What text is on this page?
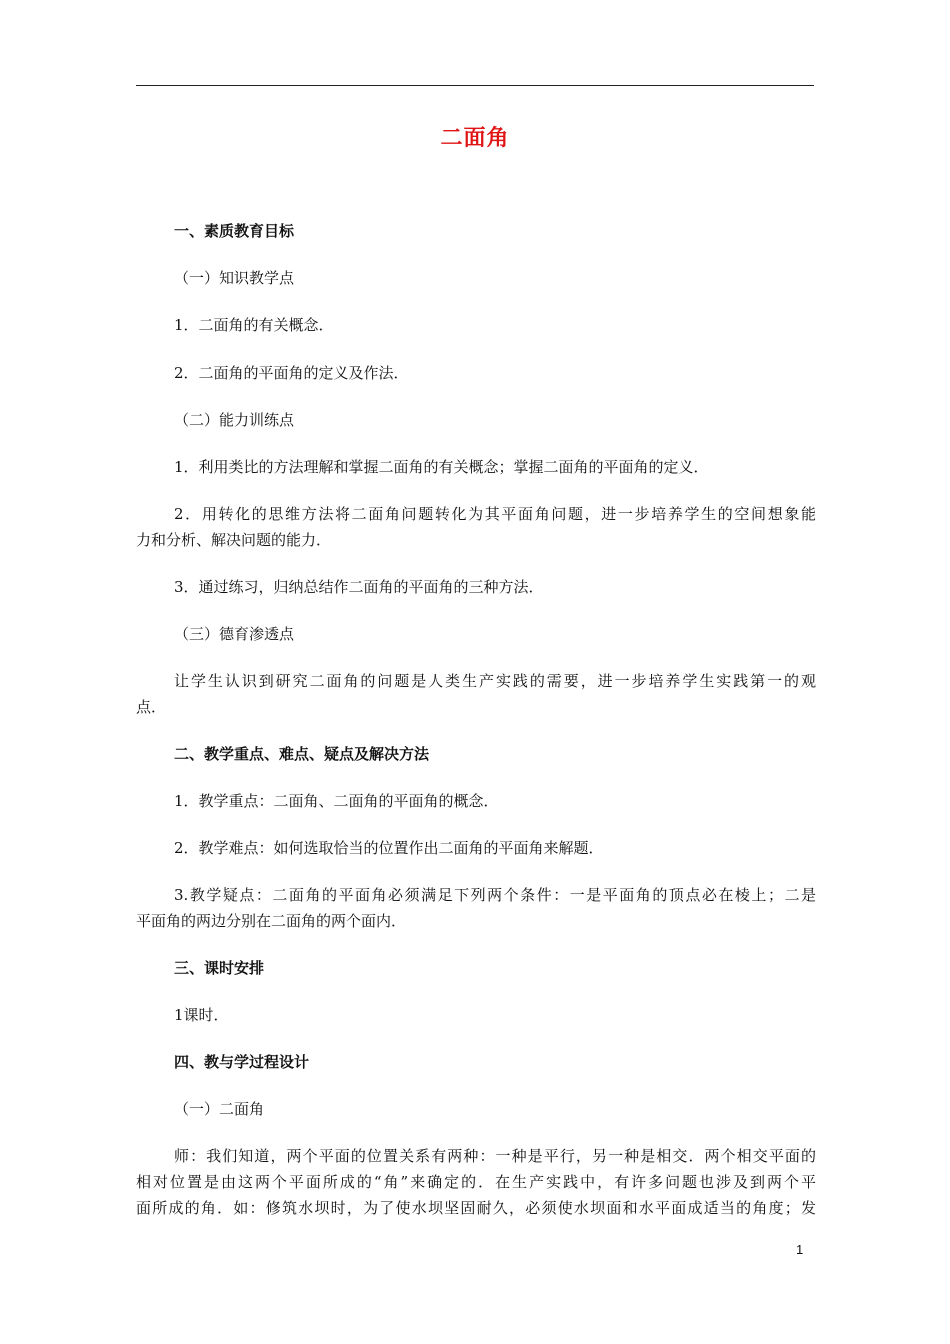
二面角
一、素质教育目标
（一）知识教学点
1．二面角的有关概念．
2．二面角的平面角的定义及作法．
（二）能力训练点
1．利用类比的方法理解和掌握二面角的有关概念；掌握二面角的平面角的定义．
2．用转化的思维方法将二面角问题转化为其平面角问题，进一步培养学生的空间想象能
力和分析、解决问题的能力．
3．通过练习，归纳总结作二面角的平面角的三种方法．
（三）德育渗透点
让学生认识到研究二面角的问题是人类生产实践的需要，进一步培养学生实践第一的观
点．
二、教学重点、难点、疑点及解决方法
1．教学重点：二面角、二面角的平面角的概念．
2．教学难点：如何选取恰当的位置作出二面角的平面角来解题．
3.教学疑点：二面角的平面角必须满足下列两个条件：一是平面角的顶点必在棱上；二是
平面角的两边分别在二面角的两个面内．
三、课时安排
1课时．
四、教与学过程设计
（一）二面角
师：我们知道，两个平面的位置关系有两种：一种是平行，另一种是相交．两个相交平面的
相对位置是由这两个平面所成的“角”来确定的．在生产实践中，有许多问题也涉及到两个平
面所成的角．如：修筑水坝时，为了使水坝坚固耐久，必须使水坝面和水平面成适当的角度；发
1
